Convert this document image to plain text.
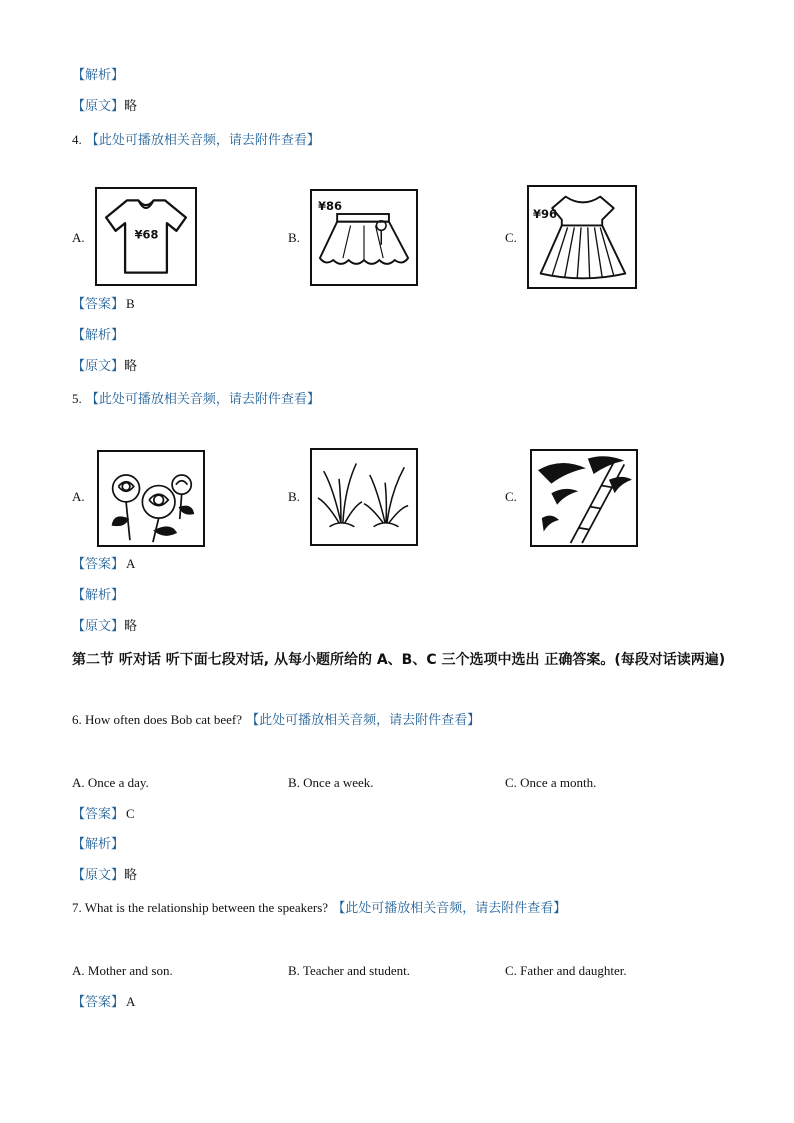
【解析】
【原文】略
4. 【此处可播放相关音频，请去附件查看】
A.	¥68	B.
¥86
C.
¥96
【答案】 B
【解析】
【原文】略
5. 【此处可播放相关音频，请去附件查看】
A.	B.	C.
【答案】 A
【解析】
【原文】略
第二节 听对话 听下面七段对话, 从每小题所给的 A、B、C 三个选项中选出 正确答案。(每段对话读两遍)
6. How often does Bob cat beef? 【此处可播放相关音频，请去附件查看】
A. Once a day.	B. Once a week.	C. Once a month.
【答案】 C
【解析】
【原文】略
7. What is the relationship between the speakers? 【此处可播放相关音频，请去附件查看】
A. Mother and son.	B. Teacher and student.	C. Father and daughter.
【答案】 A
